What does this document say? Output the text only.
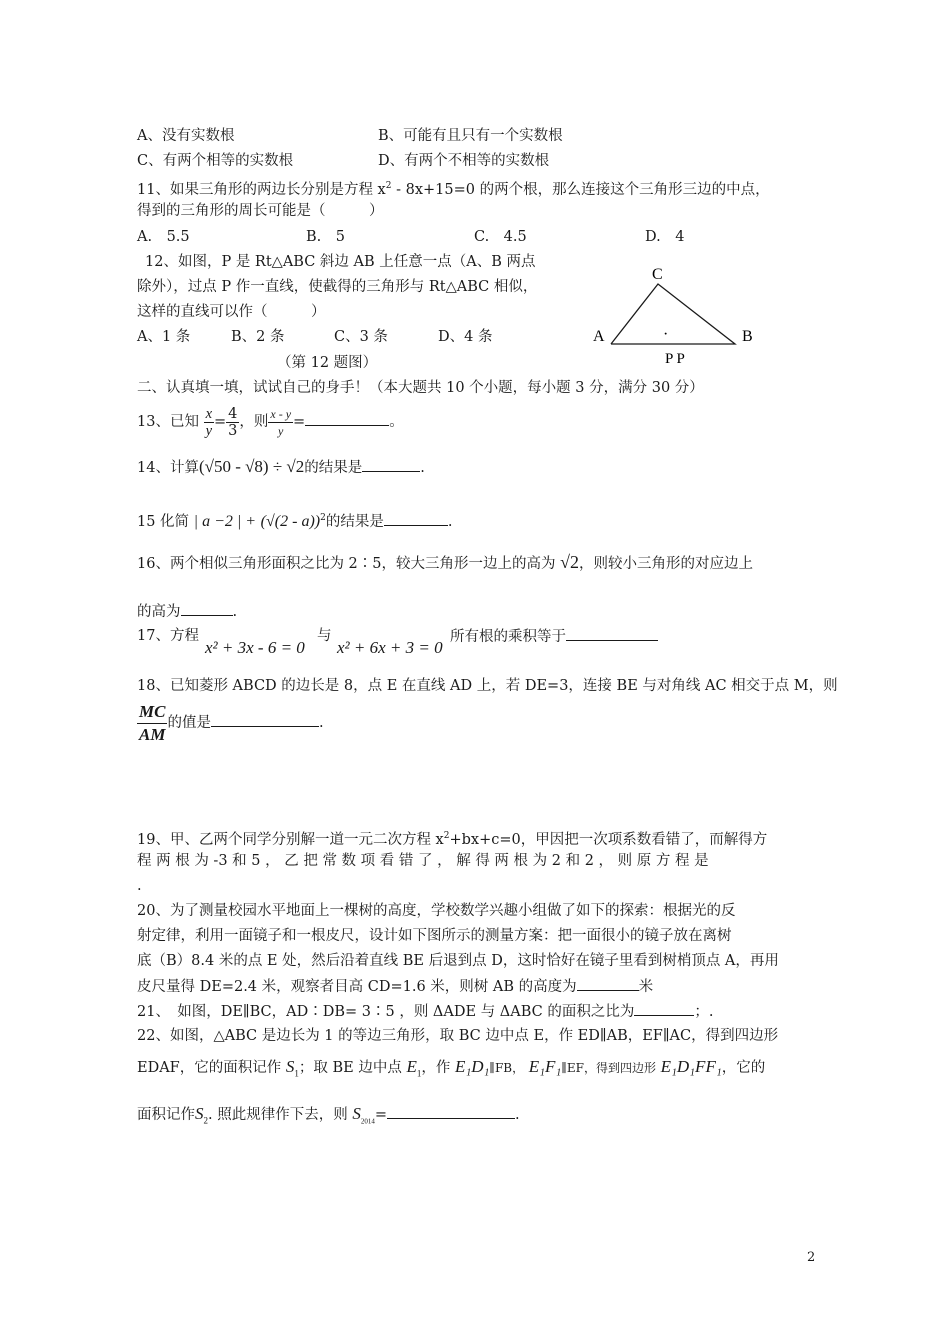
A、没有实数根	B、可能有且只有一个实数根
C、有两个相等的实数根	D、有两个不相等的实数根
11、如果三角形的两边长分别是方程 $x^2 - 8x+15=0$ 的两个根，那么连接这个三角形三边的中点，
得到的三角形的周长可能是（　　　）
A.　5.5	B.　5	C.　4.5	D.　4
12、如图，P 是 Rt△ABC 斜边 AB 上任意一点（A、B 两点
除外），过点 P 作一直线，使截得的三角形与 Rt△ABC 相似，
这样的直线可以作（　　　）
A、1 条	B、2 条	C、3 条	D、4 条
（第 12 题图）
C
A	B
·
P P
二、认真填一填，试试自己的身手！（本大题共 10 个小题，每小题 3 分，满分 30 分）
13、已知 $\frac{x}{y} = \frac{4}{3}$ ，则 $\frac{x - y}{y}$ =	。
14、计算(√50 - √8) ÷ √2的结果是	.
15 化简 | a −2 | + (√(2 - a))$^2$的结果是	.
16、两个相似三角形面积之比为 2∶5，较大三角形一边上的高为 √2，则较小三角形的对应边上
的高为	.
17、方程
x² + 3x - 6 = 0
与
x² + 6x + 3 = 0
所有根的乘积等于
18、已知菱形 ABCD 的边长是 8，点 E 在直线 AD 上，若 DE=3，连接 BE 与对角线 AC 相交于点 M，则
$\frac{MC}{AM}$ 的值是	.
19、甲、乙两个同学分别解一道一元二次方程 $x^2+bx+c=0$，甲因把一次项系数看错了，而解得方
程 两 根 为 -3 和 5 ， 乙 把 常 数 项 看 错 了 ， 解 得 两 根 为 2 和 2 ， 则 原 方 程 是
.
20、为了测量校园水平地面上一棵树的高度，学校数学兴趣小组做了如下的探索：根据光的反
射定律，利用一面镜子和一根皮尺，设计如下图所示的测量方案：把一面很小的镜子放在离树
底（B）8.4 米的点 E 处，然后沿着直线 BE 后退到点 D，这时恰好在镜子里看到树梢顶点 A，再用
皮尺量得 DE=2.4 米，观察者目高 CD=1.6 米，则树 AB 的高度为	米
21、　如图，DE∥BC，AD∶DB= 3∶5 ，则 ΔADE 与 ΔABC 的面积之比为	；.
22、如图，△ABC 是边长为 1 的等边三角形，取 BC 边中点 E，作 ED∥AB，EF∥AC，得到四边形
EDAF，它的面积记作 $S_1$；取 BE 边中点 $E_1$，作 E₁D₁∥FB， E₁F₁∥EF，得到四边形 E₁D₁FF₁，它的
面积记作$S_2$. 照此规律作下去，则 $S_{2014}=$	.
2
